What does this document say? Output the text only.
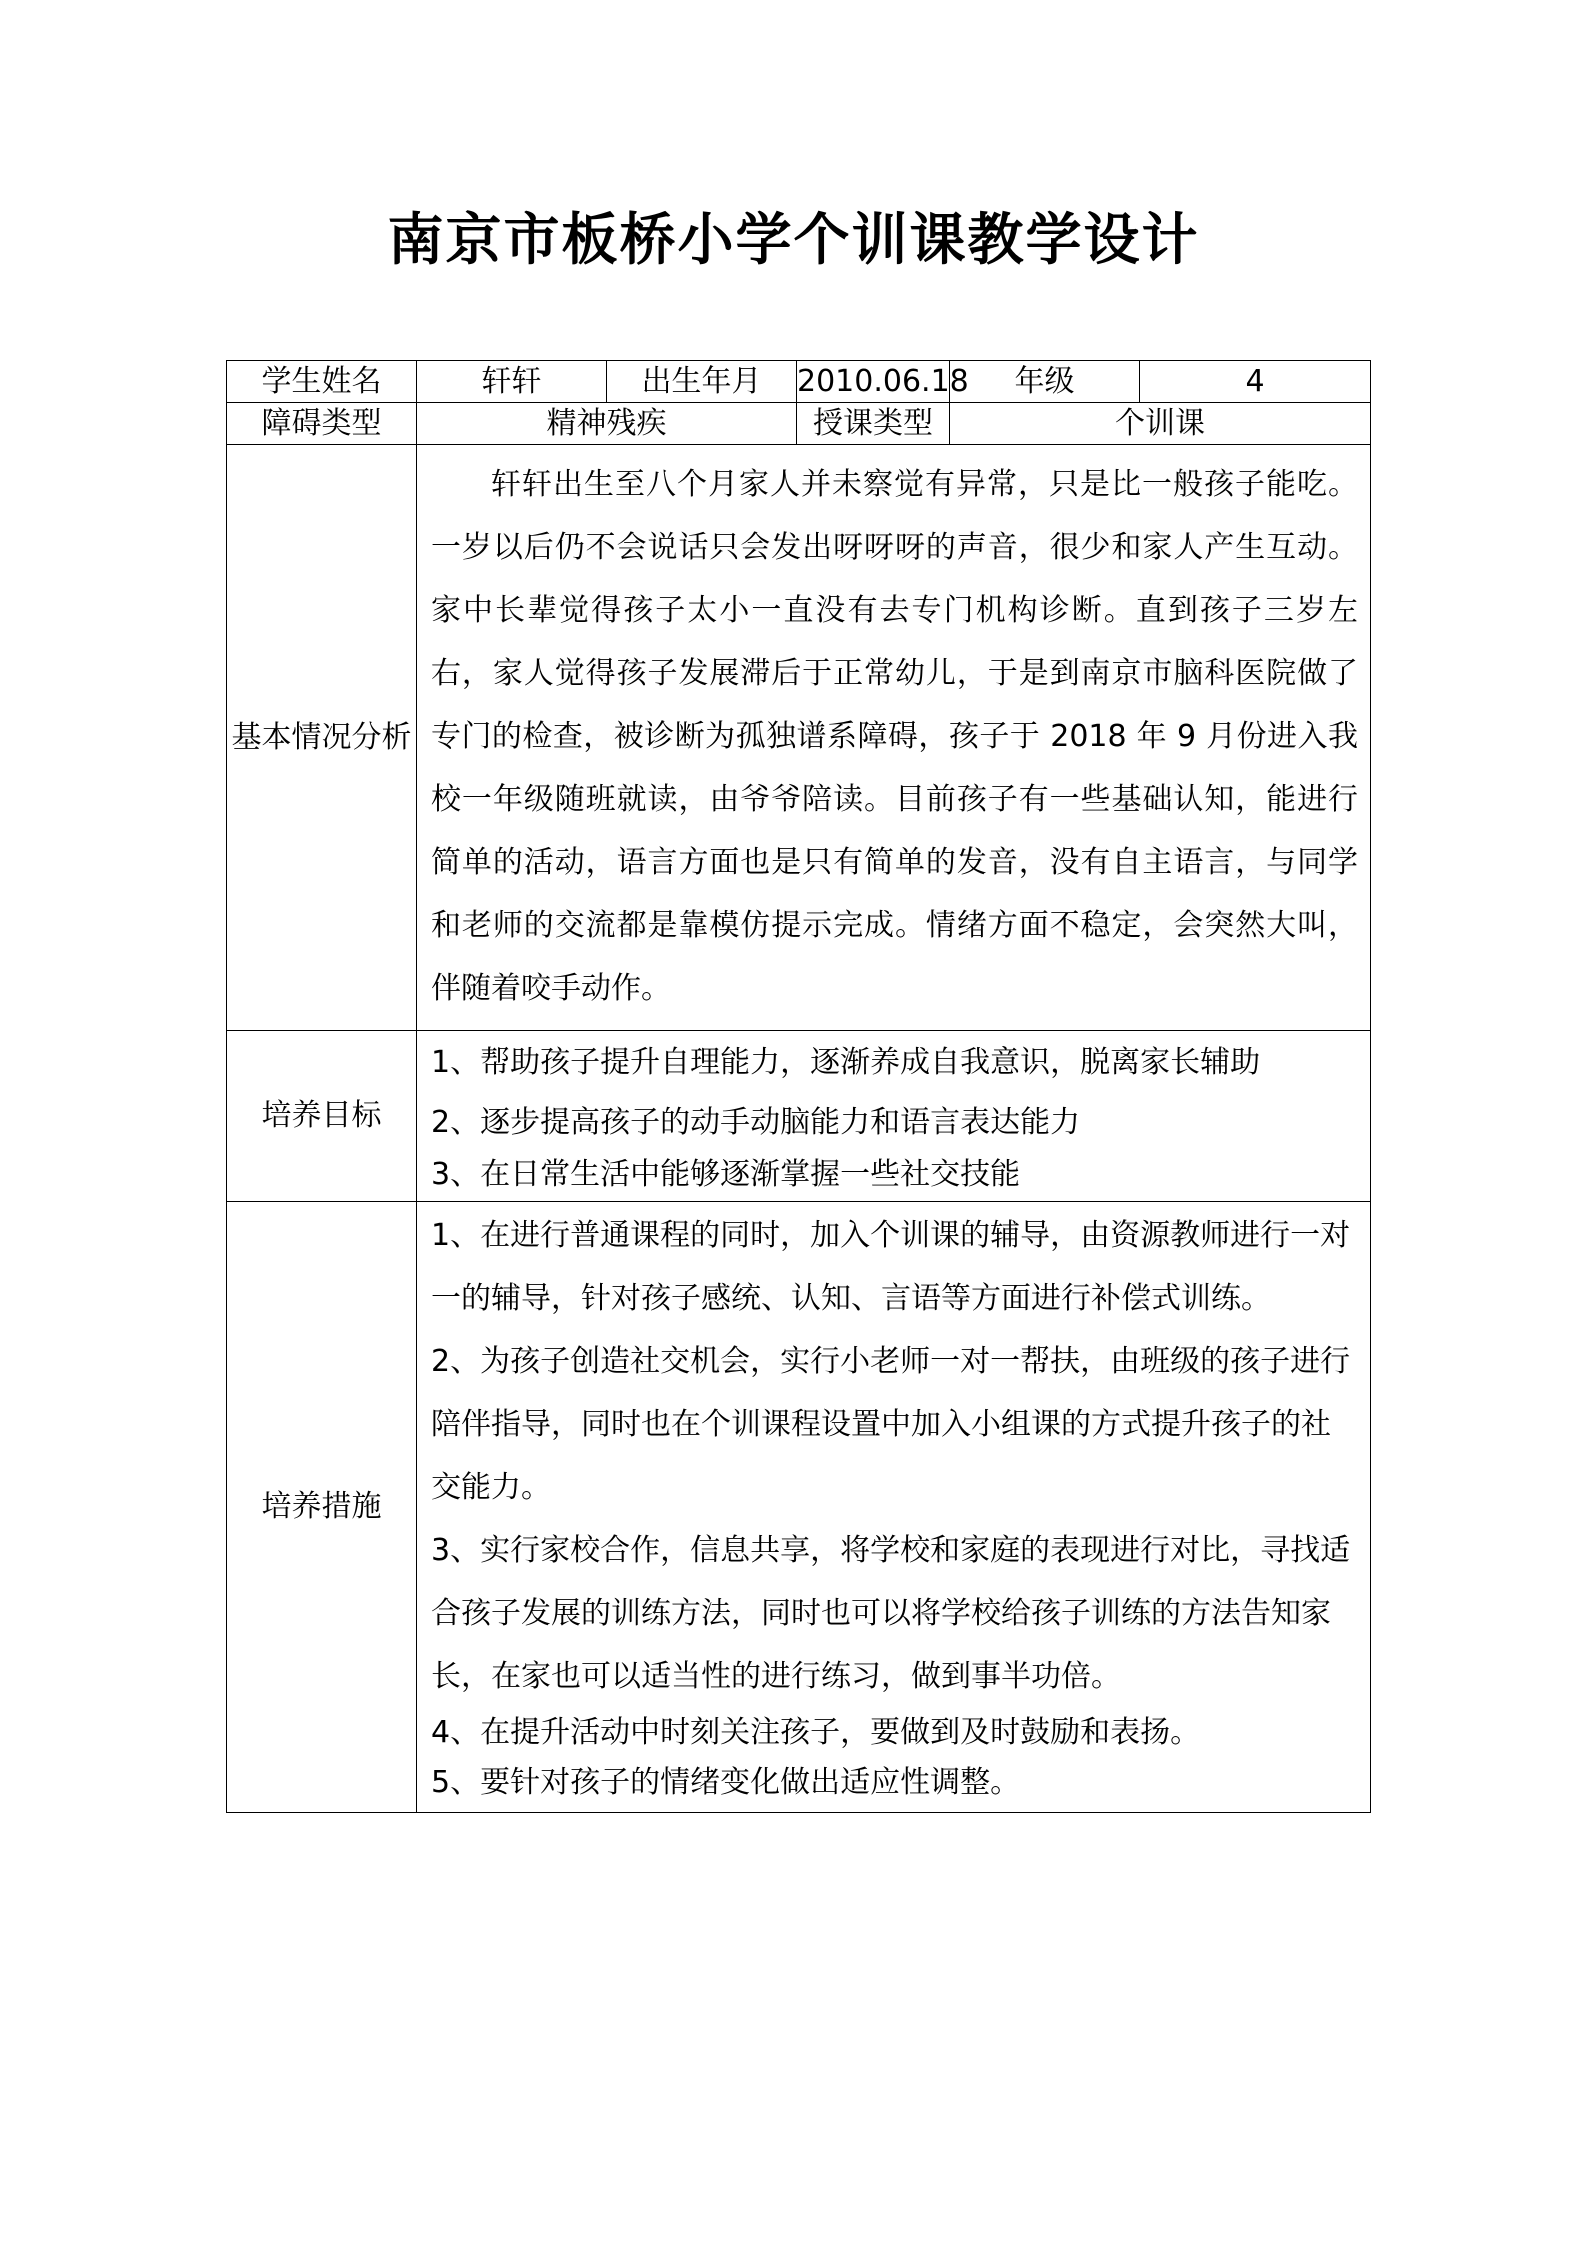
南京市板桥小学个训课教学设计
学生姓名	轩轩	出生年月	2010.06.18	年级	4
障碍类型	精神残疾		授课类型	个训课	
基本情况分析	轩轩出生至八个月家人并未察觉有异常，只是比一般孩子能吃。一岁以后仍不会说话只会发出呀呀呀的声音，很少和家人产生互动。家中长辈觉得孩子太小一直没有去专门机构诊断。直到孩子三岁左右，家人觉得孩子发展滞后于正常幼儿，于是到南京市脑科医院做了专门的检查，被诊断为孤独谱系障碍，孩子于 2018 年 9 月份进入我校一年级随班就读，由爷爷陪读。目前孩子有一些基础认知，能进行简单的活动，语言方面也是只有简单的发音，没有自主语言，与同学和老师的交流都是靠模仿提示完成。情绪方面不稳定，会突然大叫，伴随着咬手动作。				
培养目标	1、帮助孩子提升自理能力，逐渐养成自我意识，脱离家长辅助

2、逐步提高孩子的动手动脑能力和语言表达能力

3、在日常生活中能够逐渐掌握一些社交技能				

培养措施	1、在进行普通课程的同时，加入个训课的辅导，由资源教师进行一对一的辅导，针对孩子感统、认知、言语等方面进行补偿式训练。

2、为孩子创造社交机会，实行小老师一对一帮扶，由班级的孩子进行陪伴指导，同时也在个训课程设置中加入小组课的方式提升孩子的社交能力。

3、实行家校合作，信息共享，将学校和家庭的表现进行对比，寻找适合孩子发展的训练方法，同时也可以将学校给孩子训练的方法告知家长，在家也可以适当性的进行练习，做到事半功倍。

4、在提升活动中时刻关注孩子，要做到及时鼓励和表扬。

5、要针对孩子的情绪变化做出适应性调整。				
